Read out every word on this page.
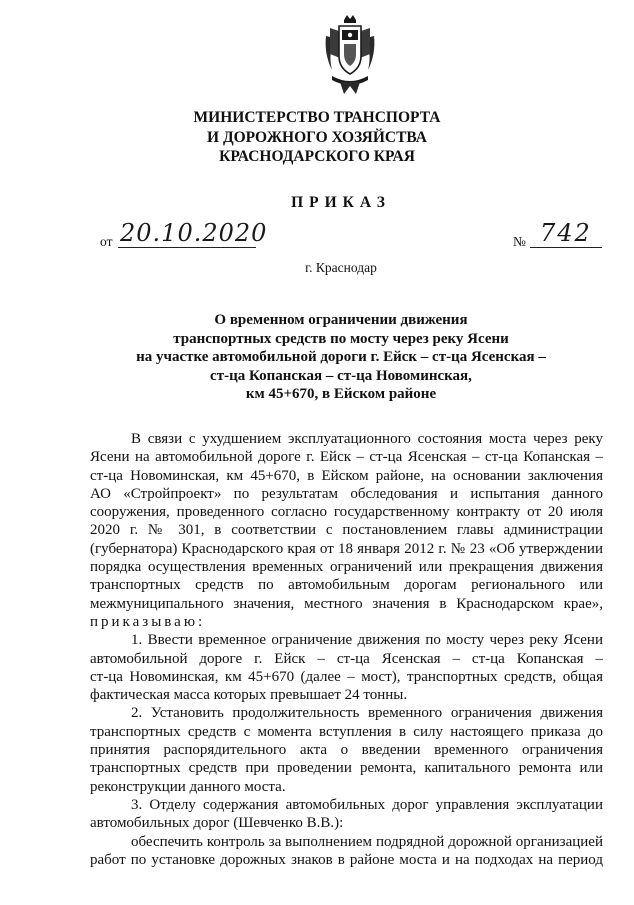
МИНИСТЕРСТВО ТРАНСПОРТА
И ДОРОЖНОГО ХОЗЯЙСТВА
КРАСНОДАРСКОГО КРАЯ
ПРИКАЗ
от 20.10.2020	№ 742
г. Краснодар
О временном ограничении движения
транспортных средств по мосту через реку Ясени
на участке автомобильной дороги г. Ейск – ст-ца Ясенская –
ст-ца Копанская – ст-ца Новоминская,
км 45+670, в Ейском районе
В связи с ухудшением эксплуатационного состояния моста через реку
Ясени на автомобильной дороге г. Ейск – ст-ца Ясенская – ст-ца Копанская –
ст-ца Новоминская, км 45+670, в Ейском районе, на основании заключения
АО «Стройпроект» по результатам обследования и испытания данного
сооружения, проведенного согласно государственному контракту от 20 июля
2020 г. № 301, в соответствии с постановлением главы администрации
(губернатора) Краснодарского края от 18 января 2012 г. № 23 «Об утверждении
порядка осуществления временных ограничений или прекращения движения
транспортных средств по автомобильным дорогам регионального или
межмуниципального значения, местного значения в Краснодарском крае»,
приказываю:
1. Ввести временное ограничение движения по мосту через реку Ясени
автомобильной дороге г. Ейск – ст-ца Ясенская – ст-ца Копанская –
ст-ца Новоминская, км 45+670 (далее – мост), транспортных средств, общая
фактическая масса которых превышает 24 тонны.
2. Установить продолжительность временного ограничения движения
транспортных средств с момента вступления в силу настоящего приказа до
принятия распорядительного акта о введении временного ограничения
транспортных средств при проведении ремонта, капитального ремонта или
реконструкции данного моста.
3. Отделу содержания автомобильных дорог управления эксплуатации
автомобильных дорог (Шевченко В.В.):
обеспечить контроль за выполнением подрядной дорожной организацией
работ по установке дорожных знаков в районе моста и на подходах на период
